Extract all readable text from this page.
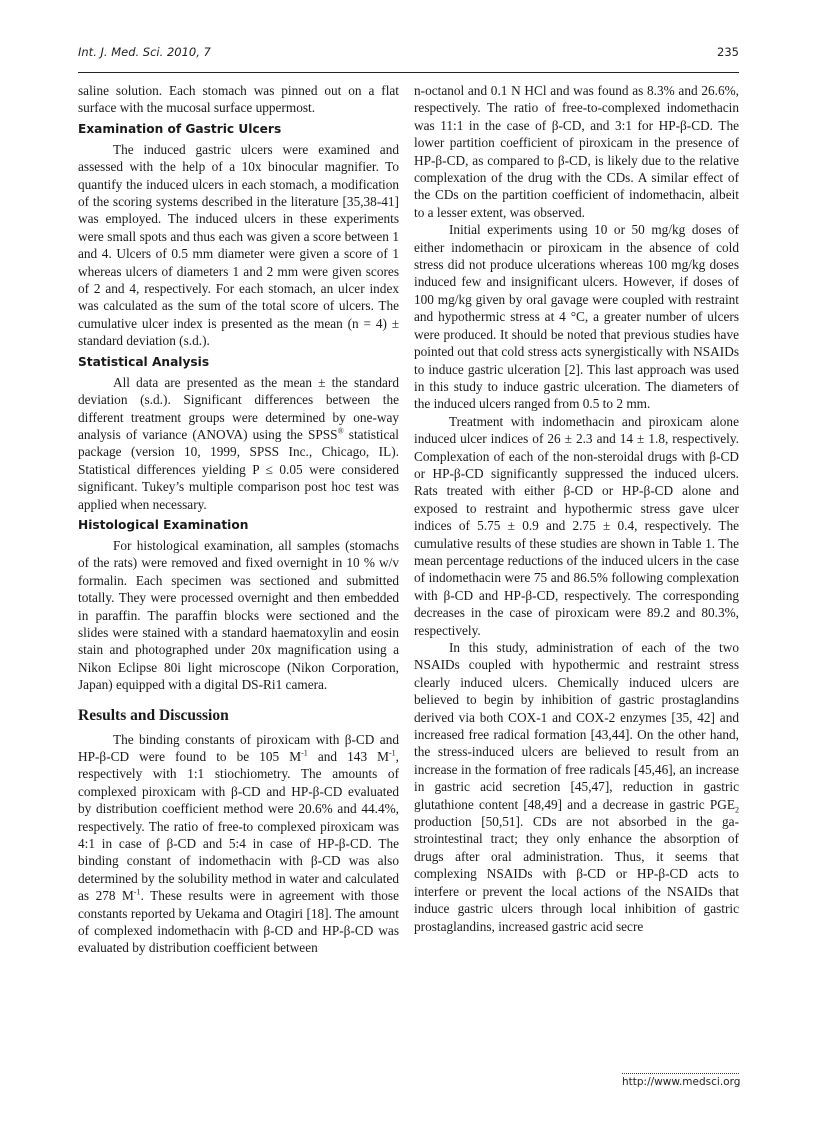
Int. J. Med. Sci. 2010, 7	235

saline solution. Each stomach was pinned out on a flat surface with the mucosal surface uppermost.

Examination of Gastric Ulcers

The induced gastric ulcers were examined and assessed with the help of a 10x binocular magnifier. To quantify the induced ulcers in each stomach, a modification of the scoring systems described in the literature [35,38-41] was employed. The induced ulcers in these experiments were small spots and thus each was given a score between 1 and 4. Ulcers of 0.5 mm diameter were given a score of 1 whereas ulcers of diameters 1 and 2 mm were given scores of 2 and 4, respectively. For each stomach, an ulcer index was calculated as the sum of the total score of ulcers. The cumulative ulcer index is presented as the mean (n = 4) ± standard deviation (s.d.).

Statistical Analysis

All data are presented as the mean ± the standard deviation (s.d.). Significant differences between the different treatment groups were determined by one-way analysis of variance (ANOVA) using the SPSS® statistical package (version 10, 1999, SPSS Inc., Chicago, IL). Statistical differences yielding P ≤ 0.05 were considered significant. Tukey’s multiple comparison post hoc test was applied when necessary.

Histological Examination

For histological examination, all samples (stomachs of the rats) were removed and fixed overnight in 10 % w/v formalin. Each specimen was sectioned and submitted totally. They were processed overnight and then embedded in paraffin. The paraffin blocks were sectioned and the slides were stained with a standard haematoxylin and eosin stain and photographed under 20x magnification using a Nikon Eclipse 80i light microscope (Nikon Corporation, Japan) equipped with a digital DS-Ri1 camera.

Results and Discussion

The binding constants of piroxicam with β-CD and HP-β-CD were found to be 105 $M^{-1}$ and 143 $M^{-1}$, respectively with 1:1 stiochiometry. The amounts of complexed piroxicam with β-CD and HP-β-CD evaluated by distribution coefficient method were 20.6% and 44.4%, respectively. The ratio of free-to complexed piroxicam was 4:1 in case of β-CD and 5:4 in case of HP-β-CD. The binding constant of indomethacin with β-CD was also determined by the solubility method in water and calculated as 278 $M^{-1}$. These results were in agreement with those constants reported by Uekama and Otagiri [18]. The amount of complexed indomethacin with β-CD and HP-β-CD was evaluated by distribution coefficient between

n-octanol and 0.1 N HCl and was found as 8.3% and 26.6%, respectively. The ratio of free-to-complexed indomethacin was 11:1 in the case of β-CD, and 3:1 for HP-β-CD. The lower partition coefficient of piroxicam in the presence of HP-β-CD, as compared to β-CD, is likely due to the relative complexation of the drug with the CDs. A similar effect of the CDs on the partition coefficient of indomethacin, albeit to a lesser extent, was observed.

Initial experiments using 10 or 50 mg/kg doses of either indomethacin or piroxicam in the absence of cold stress did not produce ulcerations whereas 100 mg/kg doses induced few and insignificant ulcers. However, if doses of 100 mg/kg given by oral gavage were coupled with restraint and hypothermic stress at 4 °C, a greater number of ulcers were produced. It should be noted that previous studies have pointed out that cold stress acts synergistically with NSAIDs to induce gastric ulceration [2]. This last approach was used in this study to induce gastric ulceration. The diameters of the induced ulcers ranged from 0.5 to 2 mm.

Treatment with indomethacin and piroxicam alone induced ulcer indices of 26 ± 2.3 and 14 ± 1.8, respectively. Complexation of each of the non-steroidal drugs with β-CD or HP-β-CD significantly suppressed the induced ulcers. Rats treated with either β-CD or HP-β-CD alone and exposed to restraint and hypothermic stress gave ulcer indices of 5.75 ± 0.9 and 2.75 ± 0.4, respectively. The cumulative results of these studies are shown in Table 1. The mean percentage reductions of the induced ulcers in the case of indomethacin were 75 and 86.5% following complexation with β-CD and HP-β-CD, respectively. The corresponding decreases in the case of piroxicam were 89.2 and 80.3%, respectively.

In this study, administration of each of the two NSAIDs coupled with hypothermic and restraint stress clearly induced ulcers. Chemically induced ulcers are believed to begin by inhibition of gastric prostaglandins derived via both COX-1 and COX-2 enzymes [35, 42] and increased free radical formation [43,44]. On the other hand, the stress-induced ulcers are believed to result from an increase in the formation of free radicals [45,46], an increase in gastric acid secretion [45,47], reduction in gastric glutathione content [48,49] and a decrease in gastric $PGE_2$ production [50,51]. CDs are not absorbed in the gastrointestinal tract; they only enhance the absorption of drugs after oral administration. Thus, it seems that complexing NSAIDs with β-CD or HP-β-CD acts to interfere or prevent the local actions of the NSAIDs that induce gastric ulcers through local inhibition of gastric prostaglandins, increased gastric acid secre

http://www.medsci.org
